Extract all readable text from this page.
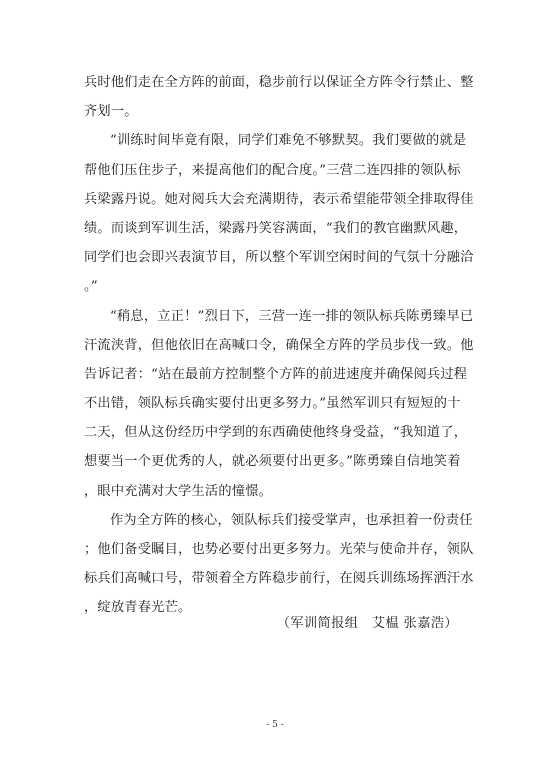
兵时他们走在全方阵的前面，稳步前行以保证全方阵令行禁止、整
齐划一。
“训练时间毕竟有限，同学们难免不够默契。我们要做的就是
帮他们压住步子，来提高他们的配合度。”三营二连四排的领队标
兵梁露丹说。她对阅兵大会充满期待，表示希望能带领全排取得佳
绩。而谈到军训生活，梁露丹笑容满面，“我们的教官幽默风趣，
同学们也会即兴表演节目，所以整个军训空闲时间的气氛十分融洽
。”
“稍息，立正！”烈日下，三营一连一排的领队标兵陈勇臻早已
汗流浃背，但他依旧在高喊口令，确保全方阵的学员步伐一致。他
告诉记者：“站在最前方控制整个方阵的前进速度并确保阅兵过程
不出错，领队标兵确实要付出更多努力。”虽然军训只有短短的十
二天，但从这份经历中学到的东西确使他终身受益，“我知道了，
想要当一个更优秀的人，就必须要付出更多。”陈勇臻自信地笑着
，眼中充满对大学生活的憧憬。
作为全方阵的核心，领队标兵们接受掌声，也承担着一份责任
；他们备受瞩目，也势必要付出更多努力。光荣与使命并存，领队
标兵们高喊口号，带领着全方阵稳步前行，在阅兵训练场挥洒汗水
，绽放青春光芒。
（军训简报组　艾榅 张嘉浩）
- 5 -
